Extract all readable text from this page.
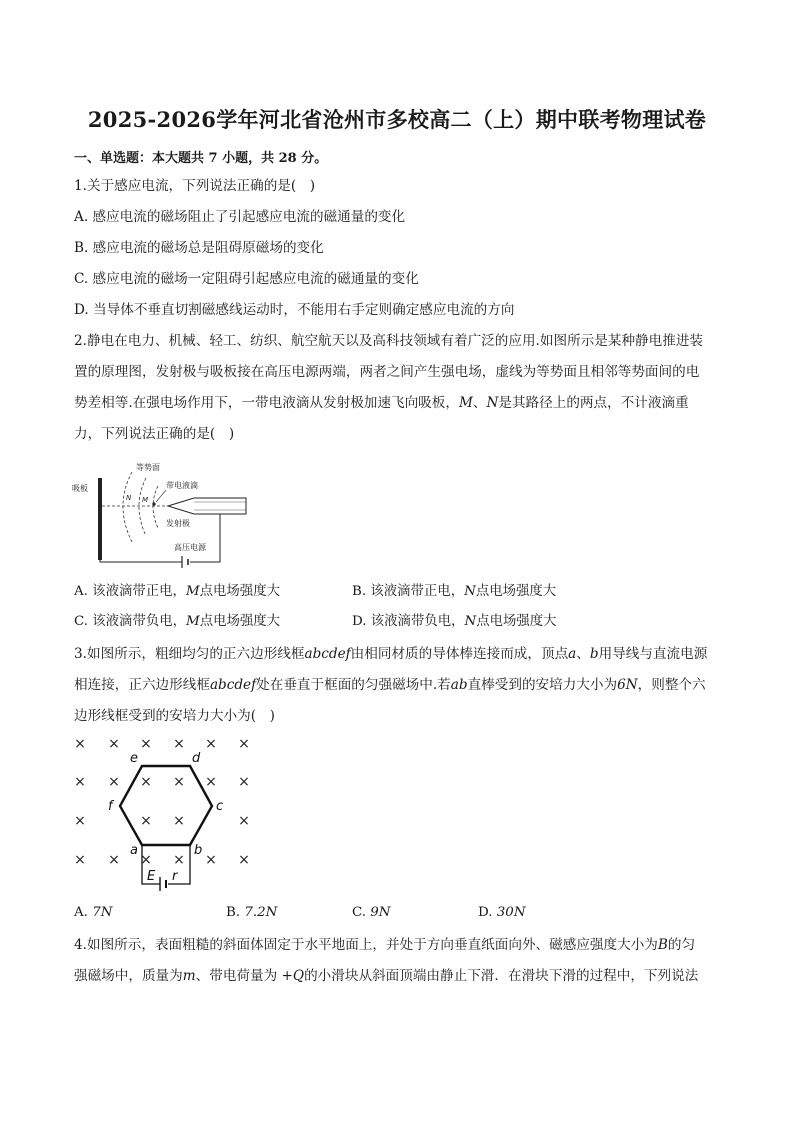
2025-2026学年河北省沧州市多校高二（上）期中联考物理试卷
一、单选题：本大题共 7 小题，共 28 分。
1.关于感应电流，下列说法正确的是(　)
A. 感应电流的磁场阻止了引起感应电流的磁通量的变化
B. 感应电流的磁场总是阻碍原磁场的变化
C. 感应电流的磁场一定阻碍引起感应电流的磁通量的变化
D. 当导体不垂直切割磁感线运动时，不能用右手定则确定感应电流的方向
2.静电在电力、机械、轻工、纺织、航空航天以及高科技领域有着广泛的应用.如图所示是某种静电推进装
置的原理图，发射极与吸板接在高压电源两端，两者之间产生强电场，虚线为等势面且相邻等势面间的电
势差相等.在强电场作用下，一带电液滴从发射极加速飞向吸板，M、N是其路径上的两点，不计液滴重
力，下列说法正确的是(　)
吸板
等势面
N M
带电液滴
发射极
高压电源
A. 该液滴带正电，M点电场强度大	B. 该液滴带正电，N点电场强度大
C. 该液滴带负电，M点电场强度大	D. 该液滴带负电，N点电场强度大
3.如图所示，粗细均匀的正六边形线框abcdef由相同材质的导体棒连接而成，顶点a、b用导线与直流电源
相连接，正六边形线框abcdef处在垂直于框面的匀强磁场中.若ab直棒受到的安培力大小为6N，则整个六
边形线框受到的安培力大小为(　)
× × × × × ×
× × × × × ×
× ×
×	×
× × × × × ×
a	b
c
d
e
f
E r
A. 7N	B. 7.2N	C. 9N	D. 30N
4.如图所示，表面粗糙的斜面体固定于水平地面上，并处于方向垂直纸面向外、磁感应强度大小为B的匀
强磁场中，质量为m、带电荷量为 +Q的小滑块从斜面顶端由静止下滑．在滑块下滑的过程中，下列说法
